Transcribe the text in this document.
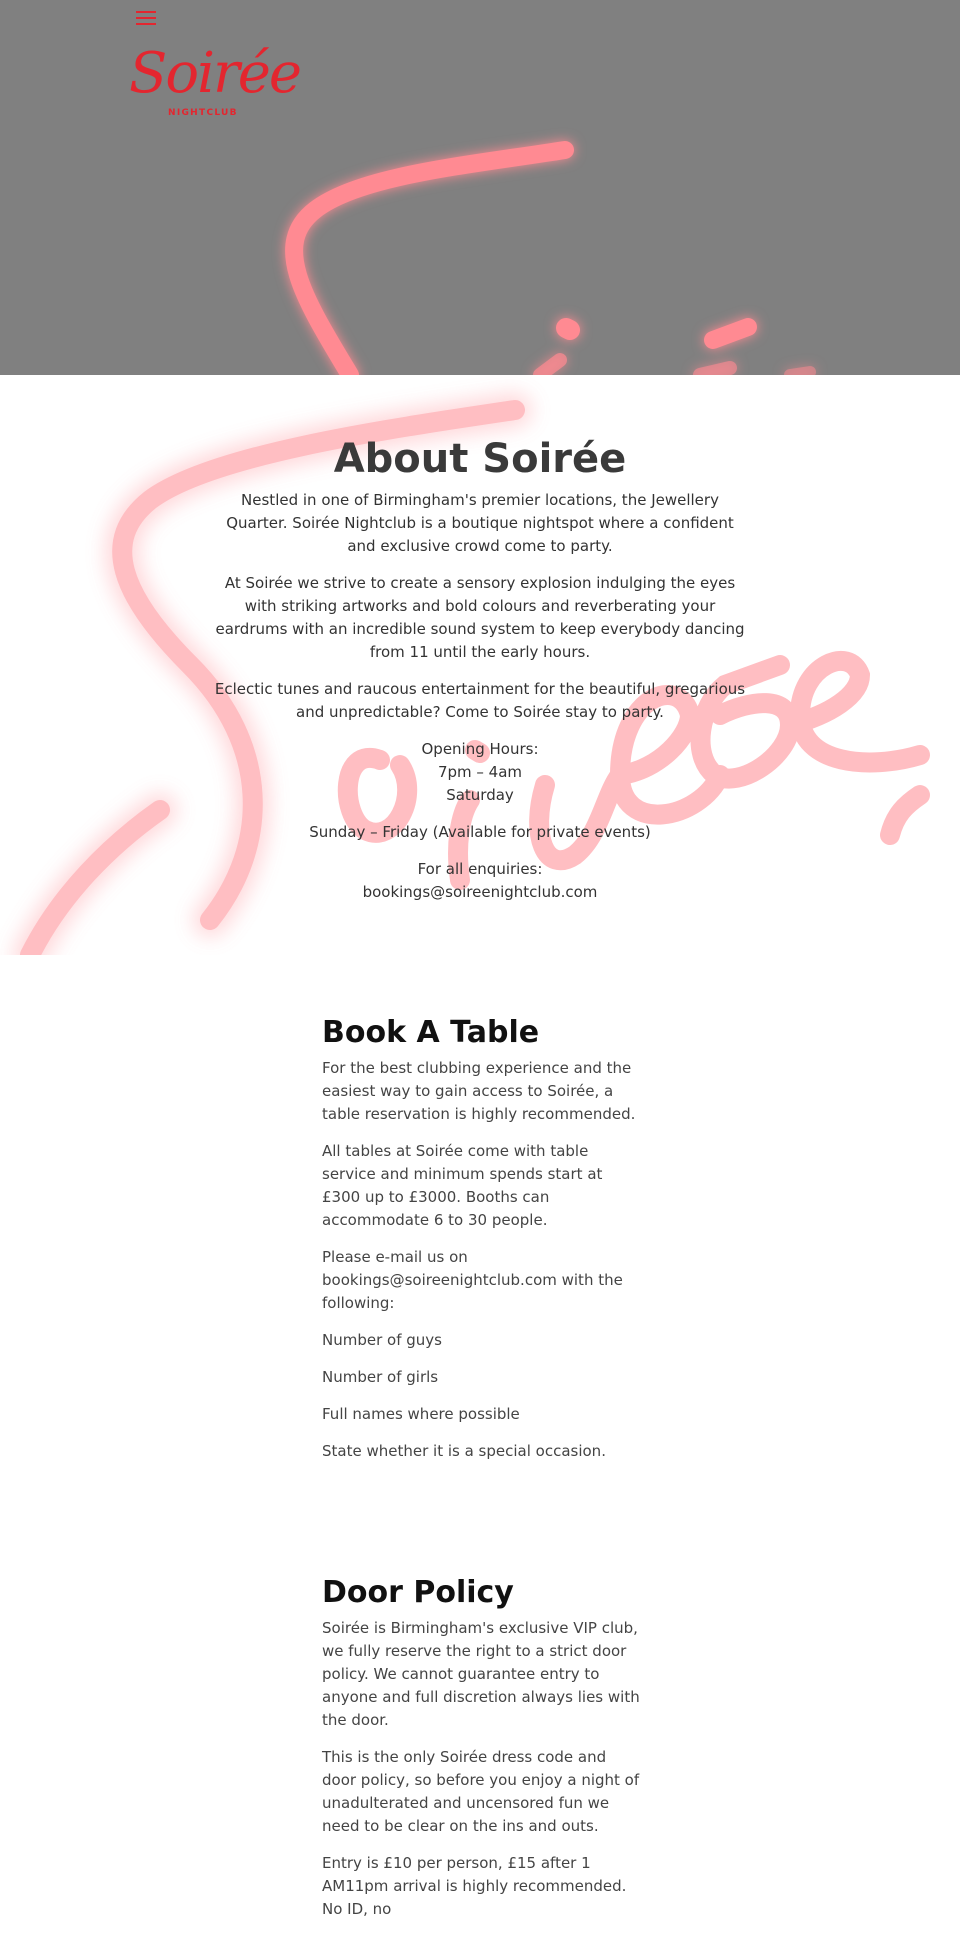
Soirée
NIGHTCLUB
About Soirée

Nestled in one of Birmingham's premier locations, the Jewellery Quarter. Soirée Nightclub is a boutique nightspot where a confident and exclusive crowd come to party.

At Soirée we strive to create a sensory explosion indulging the eyes with striking artworks and bold colours and reverberating your eardrums with an incredible sound system to keep everybody dancing from 11 until the early hours.

Eclectic tunes and raucous entertainment for the beautiful, gregarious and unpredictable? Come to Soirée stay to party.

Opening Hours:
7pm – 4am
Saturday

Sunday – Friday (Available for private events)

For all enquiries:
bookings@soireenightclub.com

Book A Table

For the best clubbing experience and the easiest way to gain access to Soirée, a table reservation is highly recommended.

All tables at Soirée come with table service and minimum spends start at £300 up to £3000. Booths can accommodate 6 to 30 people.

Please e-mail us on bookings@soireenightclub.com with the following:

Number of guys

Number of girls

Full names where possible

State whether it is a special occasion.

Door Policy

Soirée is Birmingham's exclusive VIP club, we fully reserve the right to a strict door policy. We cannot guarantee entry to anyone and full discretion always lies with the door.

This is the only Soirée dress code and door policy, so before you enjoy a night of unadulterated and uncensored fun we need to be clear on the ins and outs.

Entry is £10 per person, £15 after 1 AM11pm arrival is highly recommended. No ID, no
